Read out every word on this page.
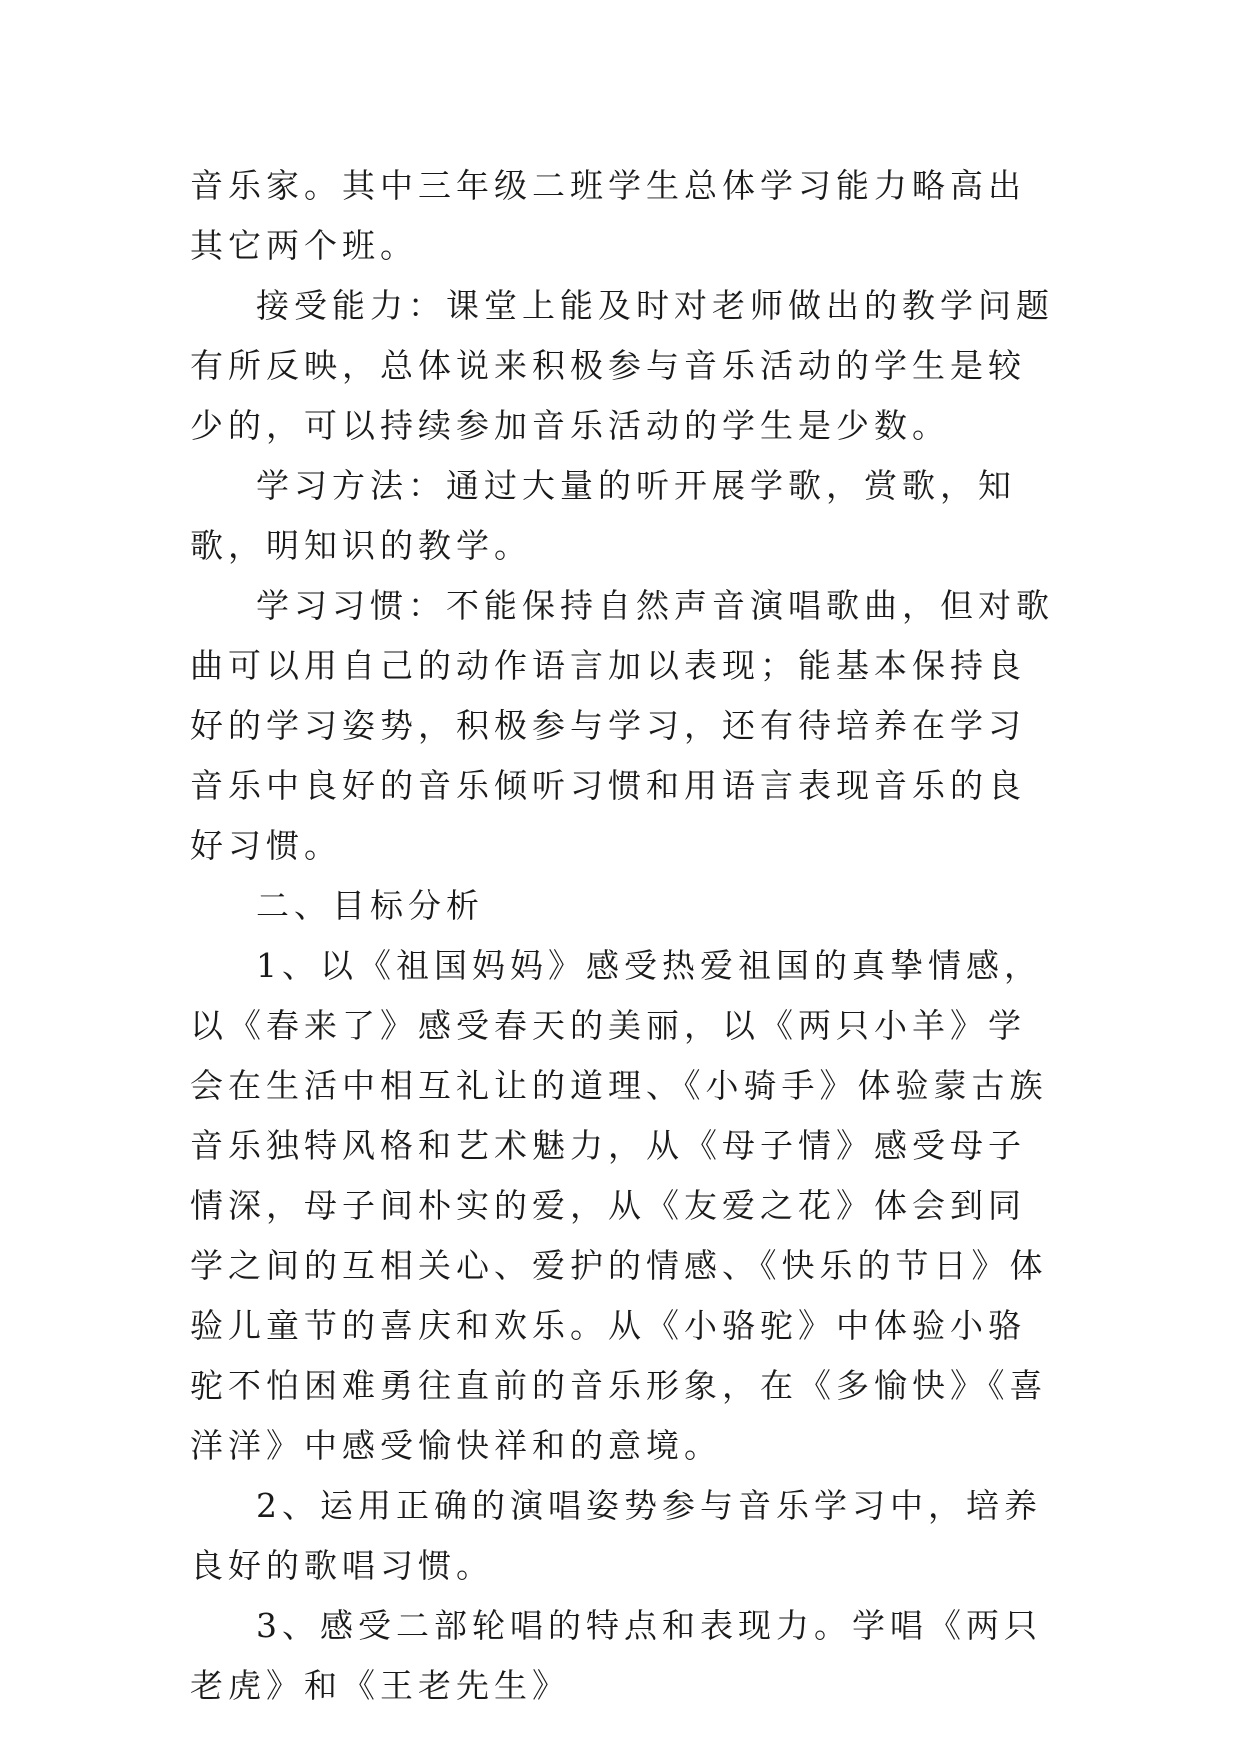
音乐家。其中三年级二班学生总体学习能力略高出其它两个班。

接受能力：课堂上能及时对老师做出的教学问题有所反映，总体说来积极参与音乐活动的学生是较少的，可以持续参加音乐活动的学生是少数。

学习方法：通过大量的听开展学歌，赏歌，知歌，明知识的教学。

学习习惯：不能保持自然声音演唱歌曲，但对歌曲可以用自己的动作语言加以表现；能基本保持良好的学习姿势，积极参与学习，还有待培养在学习音乐中良好的音乐倾听习惯和用语言表现音乐的良好习惯。

二、目标分析

1、以《祖国妈妈》感受热爱祖国的真挚情感，以《春来了》感受春天的美丽，以《两只小羊》学会在生活中相互礼让的道理、《小骑手》体验蒙古族音乐独特风格和艺术魅力，从《母子情》感受母子情深，母子间朴实的爱，从《友爱之花》体会到同学之间的互相关心、爱护的情感、《快乐的节日》体验儿童节的喜庆和欢乐。从《小骆驼》中体验小骆驼不怕困难勇往直前的音乐形象，在《多愉快》《喜洋洋》中感受愉快祥和的意境。

2、运用正确的演唱姿势参与音乐学习中，培养良好的歌唱习惯。

3、感受二部轮唱的特点和表现力。学唱《两只老虎》和《王老先生》
